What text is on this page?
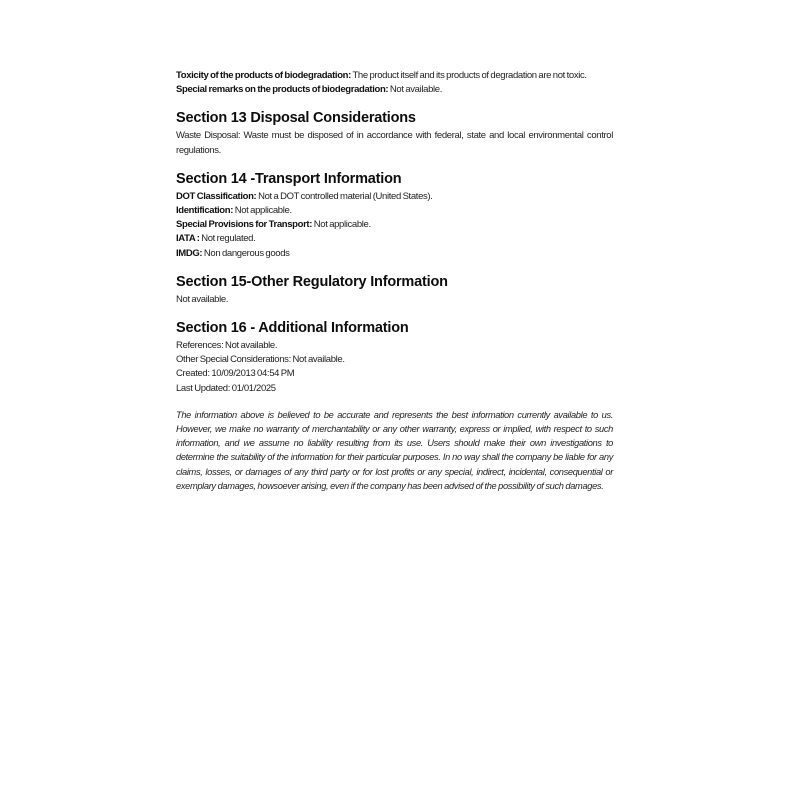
Toxicity of the products of biodegradation: The product itself and its products of degradation are not toxic.
Special remarks on the products of biodegradation: Not available.
Section 13 Disposal Considerations
Waste Disposal: Waste must be disposed of in accordance with federal, state and local environmental control regulations.
Section 14 -Transport Information
DOT Classification: Not a DOT controlled material (United States).
Identification: Not applicable.
Special Provisions for Transport: Not applicable.
IATA : Not regulated.
IMDG: Non dangerous goods
Section 15-Other Regulatory Information
Not available.
Section 16 - Additional Information
References: Not available.
Other Special Considerations: Not available.
Created: 10/09/2013 04:54 PM
Last Updated: 01/01/2025
The information above is believed to be accurate and represents the best information currently available to us. However, we make no warranty of merchantability or any other warranty, express or implied, with respect to such information, and we assume no liability resulting from its use. Users should make their own investigations to determine the suitability of the information for their particular purposes. In no way shall the company be liable for any claims, losses, or damages of any third party or for lost profits or any special, indirect, incidental, consequential or exemplary damages, howsoever arising, even if the company has been advised of the possibility of such damages.
